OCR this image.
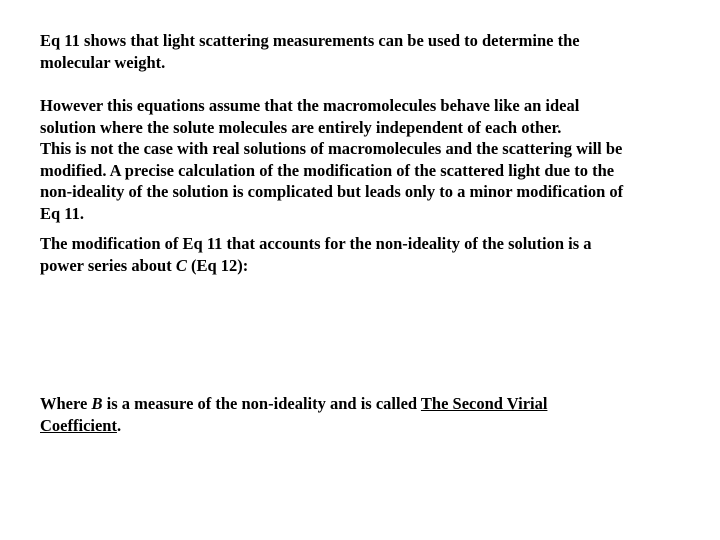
Eq 11 shows that light scattering measurements can be used to determine the
molecular weight.
However this equations assume that the macromolecules behave like an ideal
solution where the solute molecules are entirely independent of each other.
This is not the case with real solutions of macromolecules and the scattering will be
modified. A precise calculation of the modification of the scattered light due to the
non-ideality of the solution is complicated but leads only to a minor modification of
Eq 11.
The modification of Eq 11 that accounts for the non-ideality of the solution is a
power series about C (Eq 12):
Where B is a measure of the non-ideality and is called The Second Virial
Coefficient.
